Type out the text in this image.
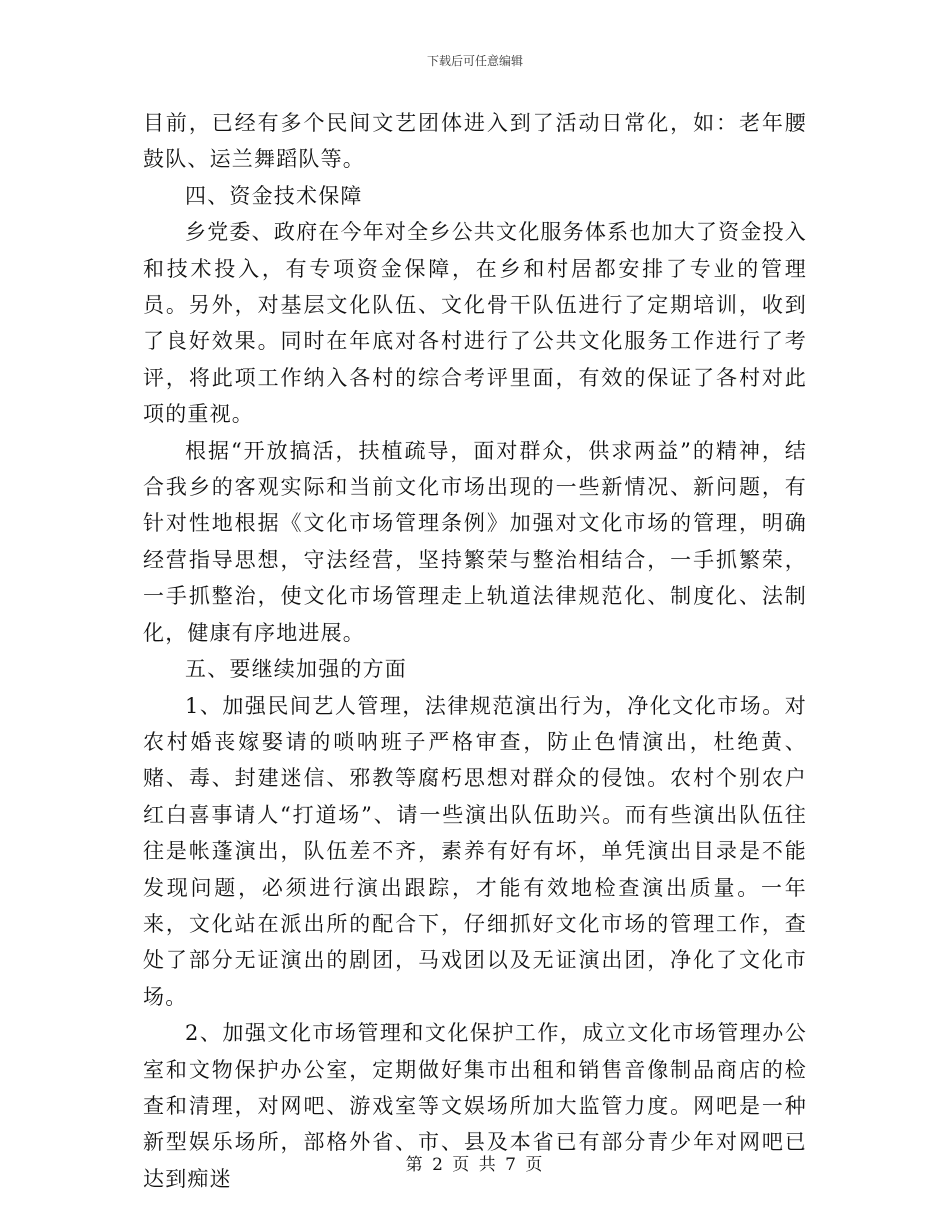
下载后可任意编辑

目前，已经有多个民间文艺团体进入到了活动日常化，如：老年腰鼓队、运兰舞蹈队等。

四、资金技术保障

乡党委、政府在今年对全乡公共文化服务体系也加大了资金投入和技术投入，有专项资金保障，在乡和村居都安排了专业的管理员。另外，对基层文化队伍、文化骨干队伍进行了定期培训，收到了良好效果。同时在年底对各村进行了公共文化服务工作进行了考评，将此项工作纳入各村的综合考评里面，有效的保证了各村对此项的重视。

根据“开放搞活，扶植疏导，面对群众，供求两益”的精神，结合我乡的客观实际和当前文化市场出现的一些新情况、新问题，有针对性地根据《文化市场管理条例》加强对文化市场的管理，明确经营指导思想，守法经营，坚持繁荣与整治相结合，一手抓繁荣，一手抓整治，使文化市场管理走上轨道法律规范化、制度化、法制化，健康有序地进展。

五、要继续加强的方面

1、加强民间艺人管理，法律规范演出行为，净化文化市场。对农村婚丧嫁娶请的唢呐班子严格审查，防止色情演出，杜绝黄、赌、毒、封建迷信、邪教等腐朽思想对群众的侵蚀。农村个别农户红白喜事请人“打道场”、请一些演出队伍助兴。而有些演出队伍往往是帐蓬演出，队伍差不齐，素养有好有坏，单凭演出目录是不能发现问题，必须进行演出跟踪，才能有效地检查演出质量。一年来，文化站在派出所的配合下，仔细抓好文化市场的管理工作，查处了部分无证演出的剧团，马戏团以及无证演出团，净化了文化市场。

2、加强文化市场管理和文化保护工作，成立文化市场管理办公室和文物保护办公室，定期做好集市出租和销售音像制品商店的检查和清理，对网吧、游戏室等文娱场所加大监管力度。网吧是一种新型娱乐场所，部格外省、市、县及本省已有部分青少年对网吧已达到痴迷

第 2 页 共 7 页
